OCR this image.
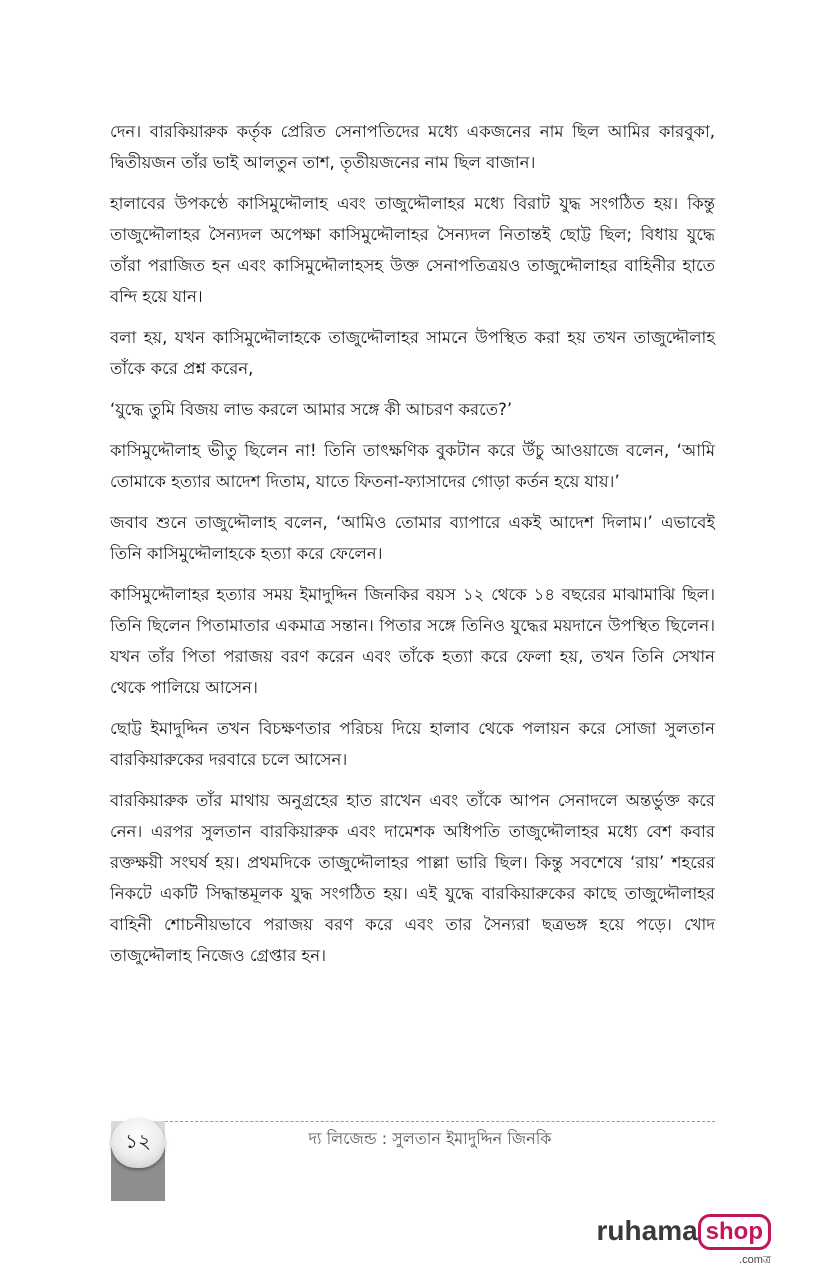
দেন। বারকিয়ারুক কর্তৃক প্রেরিত সেনাপতিদের মধ্যে একজনের নাম ছিল আমির কারবুকা, দ্বিতীয়জন তাঁর ভাই আলতুন তাশ, তৃতীয়জনের নাম ছিল বাজান।

হালাবের উপকণ্ঠে কাসিমুদ্দৌলাহ এবং তাজুদ্দৌলাহর মধ্যে বিরাট যুদ্ধ সংগঠিত হয়। কিন্তু তাজুদ্দৌলাহর সৈন্যদল অপেক্ষা কাসিমুদ্দৌলাহর সৈন্যদল নিতান্তই ছোট্ট ছিল; বিধায় যুদ্ধে তাঁরা পরাজিত হন এবং কাসিমুদ্দৌলাহসহ উক্ত সেনাপতিত্রয়ও তাজুদ্দৌলাহর বাহিনীর হাতে বন্দি হয়ে যান।

বলা হয়, যখন কাসিমুদ্দৌলাহকে তাজুদ্দৌলাহর সামনে উপস্থিত করা হয় তখন তাজুদ্দৌলাহ তাঁকে করে প্রশ্ন করেন,

‘যুদ্ধে তুমি বিজয় লাভ করলে আমার সঙ্গে কী আচরণ করতে?’

কাসিমুদ্দৌলাহ ভীতু ছিলেন না! তিনি তাৎক্ষণিক বুকটান করে উঁচু আওয়াজে বলেন, ‘আমি তোমাকে হত্যার আদেশ দিতাম, যাতে ফিতনা-ফ্যাসাদের গোড়া কর্তন হয়ে যায়।’

জবাব শুনে তাজুদ্দৌলাহ বলেন, ‘আমিও তোমার ব্যাপারে একই আদেশ দিলাম।’ এভাবেই তিনি কাসিমুদ্দৌলাহকে হত্যা করে ফেলেন।

কাসিমুদ্দৌলাহর হত্যার সময় ইমাদুদ্দিন জিনকির বয়স ১২ থেকে ১৪ বছরের মাঝামাঝি ছিল। তিনি ছিলেন পিতামাতার একমাত্র সন্তান। পিতার সঙ্গে তিনিও যুদ্ধের ময়দানে উপস্থিত ছিলেন। যখন তাঁর পিতা পরাজয় বরণ করেন এবং তাঁকে হত্যা করে ফেলা হয়, তখন তিনি সেখান থেকে পালিয়ে আসেন।

ছোট্ট ইমাদুদ্দিন তখন বিচক্ষণতার পরিচয় দিয়ে হালাব থেকে পলায়ন করে সোজা সুলতান বারকিয়ারুকের দরবারে চলে আসেন।

বারকিয়ারুক তাঁর মাথায় অনুগ্রহের হাত রাখেন এবং তাঁকে আপন সেনাদলে অন্তর্ভুক্ত করে নেন। এরপর সুলতান বারকিয়ারুক এবং দামেশক অধিপতি তাজুদ্দৌলাহর মধ্যে বেশ কবার রক্তক্ষয়ী সংঘর্ষ হয়। প্রথমদিকে তাজুদ্দৌলাহর পাল্লা ভারি ছিল। কিন্তু সবশেষে ‘রায়’ শহরের নিকটে একটি সিদ্ধান্তমূলক যুদ্ধ সংগঠিত হয়। এই যুদ্ধে বারকিয়ারুকের কাছে তাজুদ্দৌলাহর বাহিনী শোচনীয়ভাবে পরাজয় বরণ করে এবং তার সৈন্যরা ছত্রভঙ্গ হয়ে পড়ে। খোদ তাজুদ্দৌলাহ নিজেও গ্রেপ্তার হন।

১২	দ্য লিজেন্ড : সুলতান ইমাদুদ্দিন জিনকি
ruhama shop
.comত্র
